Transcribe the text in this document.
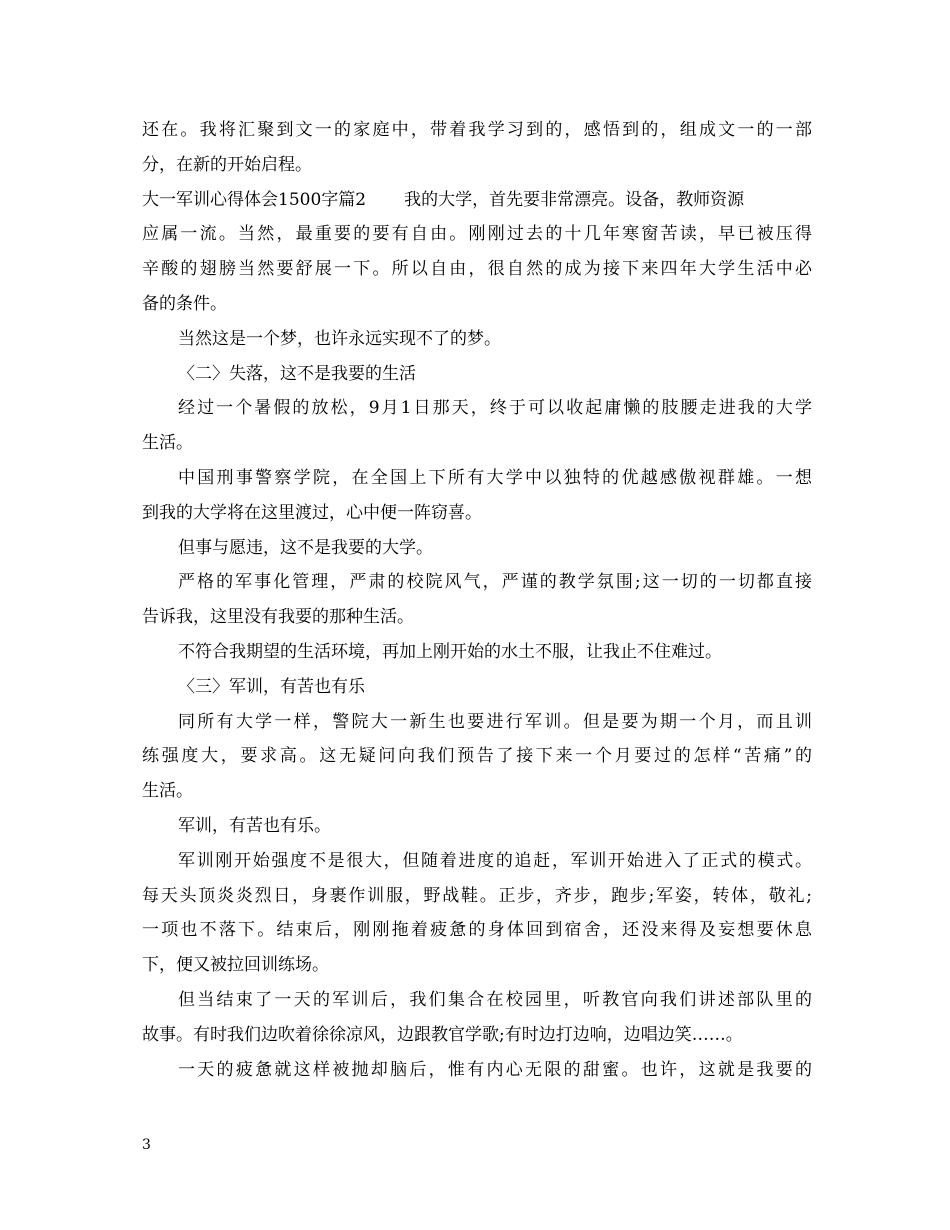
还在。我将汇聚到文一的家庭中，带着我学习到的，感悟到的，组成文一的一部
分，在新的开始启程。
大一军训心得体会1500字篇2 我的大学，首先要非常漂亮。设备，教师资源
应属一流。当然，最重要的要有自由。刚刚过去的十几年寒窗苦读，早已被压得
辛酸的翅膀当然要舒展一下。所以自由，很自然的成为接下来四年大学生活中必
备的条件。
当然这是一个梦，也许永远实现不了的梦。
〈二〉失落，这不是我要的生活
经过一个暑假的放松，9月1日那天，终于可以收起庸懒的肢腰走进我的大学
生活。
中国刑事警察学院，在全国上下所有大学中以独特的优越感傲视群雄。一想
到我的大学将在这里渡过，心中便一阵窃喜。
但事与愿违，这不是我要的大学。
严格的军事化管理，严肃的校院风气，严谨的教学氛围;这一切的一切都直接
告诉我，这里没有我要的那种生活。
不符合我期望的生活环境，再加上刚开始的水土不服，让我止不住难过。
〈三〉军训，有苦也有乐
同所有大学一样，警院大一新生也要进行军训。但是要为期一个月，而且训
练强度大，要求高。这无疑问向我们预告了接下来一个月要过的怎样“苦痛”的
生活。
军训，有苦也有乐。
军训刚开始强度不是很大，但随着进度的追赶，军训开始进入了正式的模式。
每天头顶炎炎烈日，身裹作训服，野战鞋。正步，齐步，跑步;军姿，转体，敬礼;
一项也不落下。结束后，刚刚拖着疲惫的身体回到宿舍，还没来得及妄想要休息
下，便又被拉回训练场。
但当结束了一天的军训后，我们集合在校园里，听教官向我们讲述部队里的
故事。有时我们边吹着徐徐凉风，边跟教官学歌;有时边打边响，边唱边笑……。
一天的疲惫就这样被抛却脑后，惟有内心无限的甜蜜。也许，这就是我要的
3
